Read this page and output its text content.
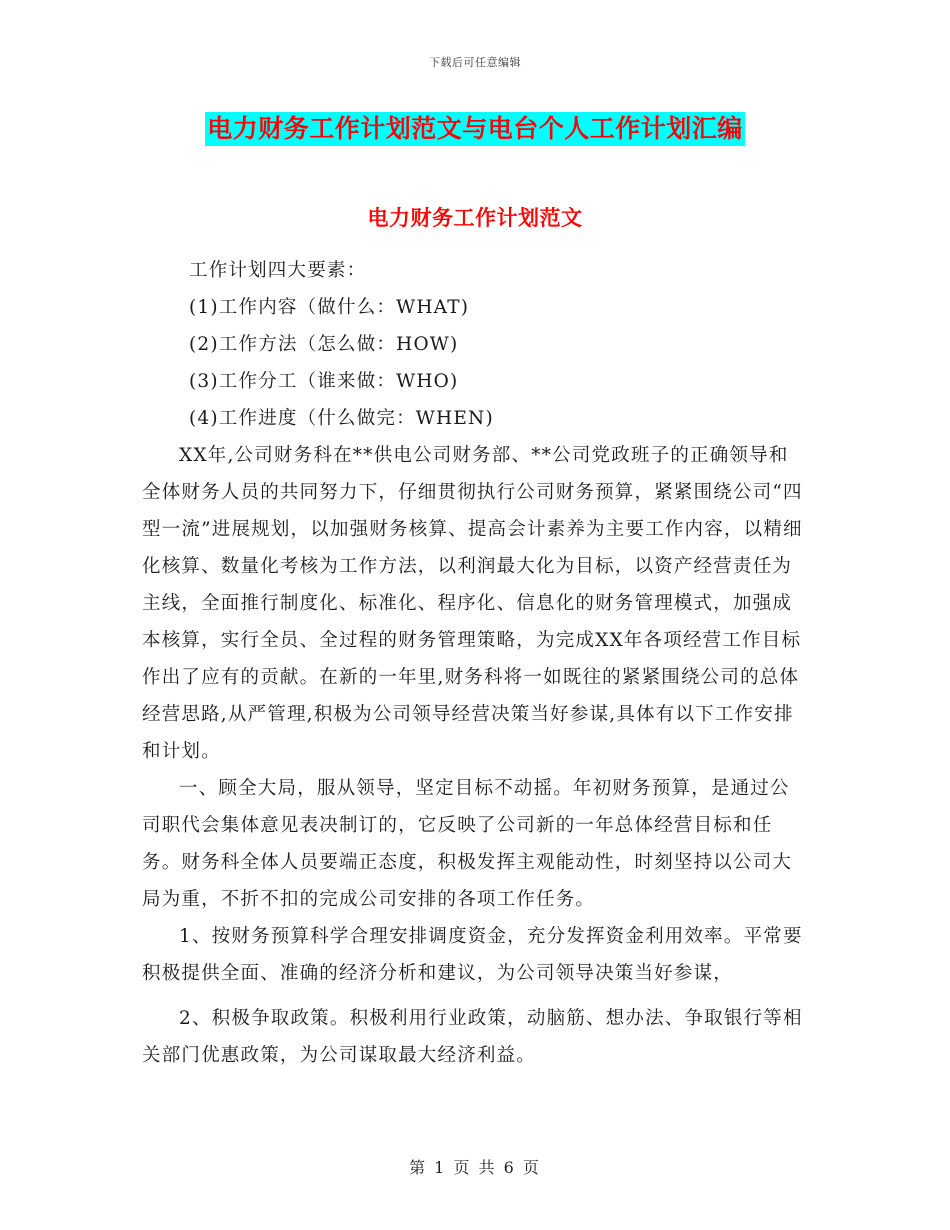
下载后可任意编辑
电力财务工作计划范文与电台个人工作计划汇编
电力财务工作计划范文

工作计划四大要素：

(1)工作内容（做什么：WHAT)

(2)工作方法（怎么做：HOW)

(3)工作分工（谁来做：WHO)

(4)工作进度（什么做完：WHEN)

XX年,公司财务科在**供电公司财务部、**公司党政班子的正确领导和全体财务人员的共同努力下，仔细贯彻执行公司财务预算，紧紧围绕公司“四型一流”进展规划，以加强财务核算、提高会计素养为主要工作内容，以精细化核算、数量化考核为工作方法，以利润最大化为目标，以资产经营责任为主线，全面推行制度化、标准化、程序化、信息化的财务管理模式，加强成本核算，实行全员、全过程的财务管理策略，为完成XX年各项经营工作目标作出了应有的贡献。在新的一年里,财务科将一如既往的紧紧围绕公司的总体经营思路,从严管理,积极为公司领导经营决策当好参谋,具体有以下工作安排和计划。

一、顾全大局，服从领导，坚定目标不动摇。年初财务预算，是通过公司职代会集体意见表决制订的，它反映了公司新的一年总体经营目标和任务。财务科全体人员要端正态度，积极发挥主观能动性，时刻坚持以公司大局为重，不折不扣的完成公司安排的各项工作任务。

1、按财务预算科学合理安排调度资金，充分发挥资金利用效率。平常要积极提供全面、准确的经济分析和建议，为公司领导决策当好参谋，

2、积极争取政策。积极利用行业政策，动脑筋、想办法、争取银行等相关部门优惠政策，为公司谋取最大经济利益。

第 1 页 共 6 页
